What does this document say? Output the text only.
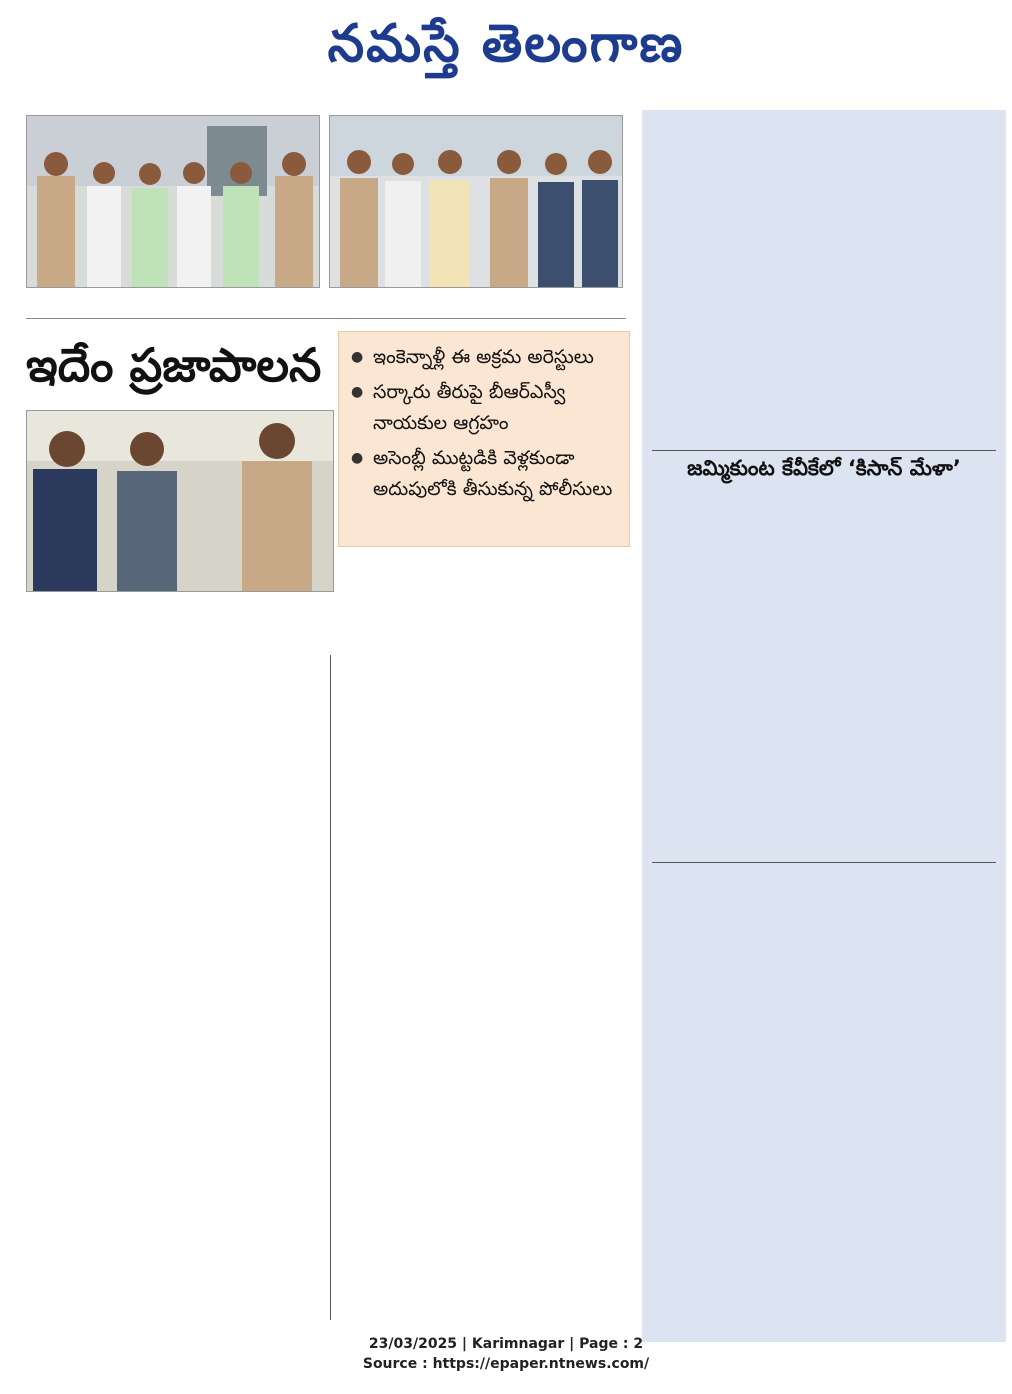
నమస్తే తెలంగాణ
ఇదేం ప్రజాపాలన
●	ఇంకెన్నాళ్లీ ఈ అక్రమ అరెస్టులు
● సర్కారు తీరుపై బీఆర్ఎస్వీ నాయకుల ఆగ్రహం
● అసెంబ్లీ ముట్టడికి వెళ్లకుండా అదుపులోకి తీసుకున్న పోలీసులు
జమ్మికుంట కేవీకేలో ‘కిసాన్ మేళా’
23/03/2025 | Karimnagar | Page : 2
Source : https://epaper.ntnews.com/
